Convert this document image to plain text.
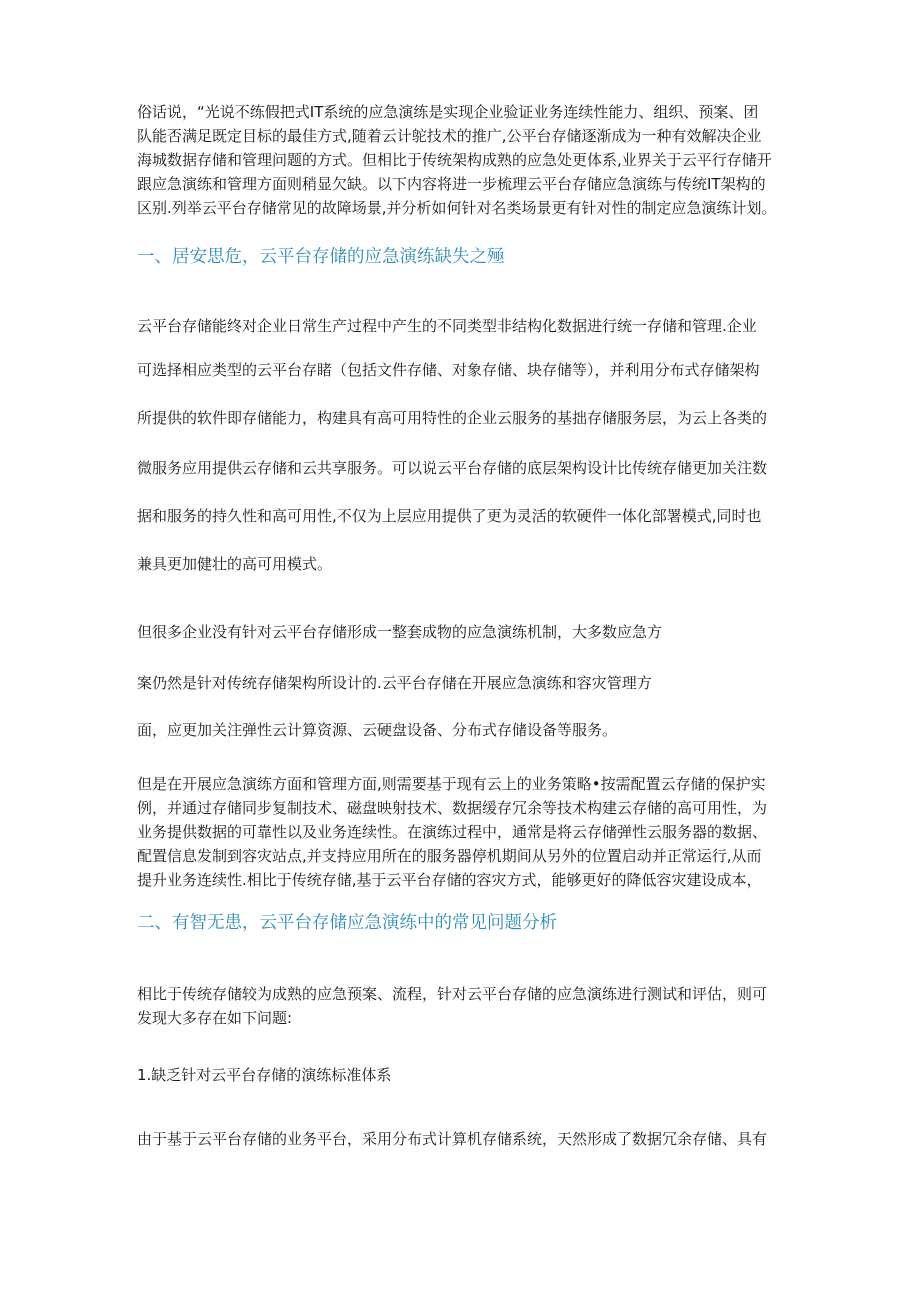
俗话说，“光说不练假把式IT系统的应急演练是实现企业验证业务连续性能力、组织、预案、团
队能否满足既定目标的最佳方式,随着云计鸵技术的推广,公平台存储逐渐成为一种有效解决企业
海城数据存储和管理问题的方式。但相比于传统架构成熟的应急处更体系,业界关于云平行存储开
跟应急演练和管理方面则稍显欠缺。以下内容将进一步梳理云平台存储应急演练与传统IT架构的
区别.列举云平台存储常见的故障场景,并分析如何针对名类场景更有针对性的制定应急演练计划。
一、居安思危，云平台存储的应急演练缺失之殛
云平台存储能终对企业日常生产过程中产生的不同类型非结构化数据进行统一存储和管理.企业
可选择相应类型的云平台存睹（包括文件存储、对象存储、块存储等），并利用分布式存储架构
所提供的软件即存储能力，构建具有高可用特性的企业云服务的基拙存储服务层，为云上各类的
微服务应用提供云存储和云共享服务。可以说云平台存储的底层架构设计比传统存储更加关注数
据和服务的持久性和高可用性,不仅为上层应用提供了更为灵活的软硬件一体化部署模式,同时也
兼具更加健壮的高可用模式。
但很多企业没有针对云平台存储形成一整套成物的应急演练机制，大多数应急方
案仍然是针对传统存储架构所设计的.云平台存储在开展应急演练和容灾管理方
面，应更加关注弹性云计算资源、云硬盘设备、分布式存储设备等服务。
但是在开展应急演练方面和管理方面,则需要基于现有云上的业务策略•按需配置云存储的保护实
例，并通过存储同步复制技术、磁盘映射技术、数据缓存冗余等技术构建云存储的高可用性，为
业务提供数据的可靠性以及业务连续性。在演练过程中，通常是将云存储弹性云服务器的数据、
配置信息发制到容灾站点,并支持应用所在的服务器停机期间从另外的位置启动并正常运行,从而
提升业务连续性.相比于传统存储,基于云平台存储的容灾方式，能够更好的降低容灾建设成本，
二、有智无患，云平台存储应急演练中的常见问题分析
相比于传统存储较为成熟的应急预案、流程，针对云平台存储的应急演练进行测试和评估，则可
发现大多存在如下问题:
1.缺乏针对云平台存储的演练标准体系
由于基于云平台存储的业务平台，采用分布式计算机存储系统，天然形成了数据冗余存储、具有
